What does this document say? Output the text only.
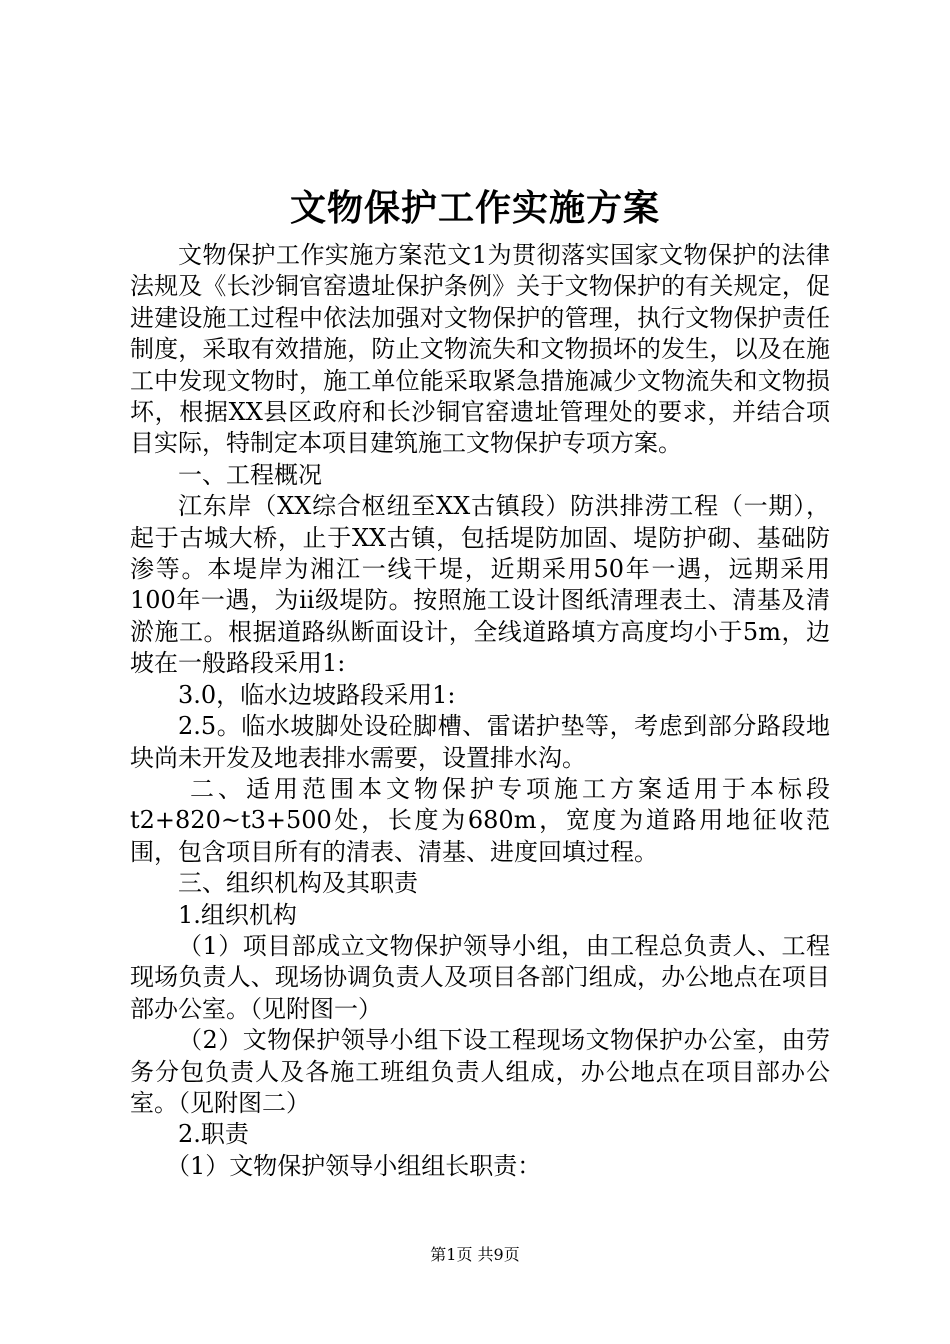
文物保护工作实施方案

文物保护工作实施方案范文1为贯彻落实国家文物保护的法律法规及《长沙铜官窑遗址保护条例》关于文物保护的有关规定，促进建设施工过程中依法加强对文物保护的管理，执行文物保护责任制度，采取有效措施，防止文物流失和文物损坏的发生，以及在施工中发现文物时，施工单位能采取紧急措施减少文物流失和文物损坏，根据XX县区政府和长沙铜官窑遗址管理处的要求，并结合项目实际，特制定本项目建筑施工文物保护专项方案。

一、工程概况

江东岸（XX综合枢纽至XX古镇段）防洪排涝工程（一期），起于古城大桥，止于XX古镇，包括堤防加固、堤防护砌、基础防渗等。本堤岸为湘江一线干堤，近期采用50年一遇，远期采用100年一遇，为ii级堤防。按照施工设计图纸清理表土、清基及清淤施工。根据道路纵断面设计，全线道路填方高度均小于5m，边坡在一般路段采用1:

3.0，临水边坡路段采用1:

2.5。临水坡脚处设砼脚槽、雷诺护垫等，考虑到部分路段地块尚未开发及地表排水需要，设置排水沟。

二、适用范围本文物保护专项施工方案适用于本标段t2+820~t3+500处，长度为680m，宽度为道路用地征收范围，包含项目所有的清表、清基、进度回填过程。

三、组织机构及其职责

1.组织机构

（1）项目部成立文物保护领导小组，由工程总负责人、工程现场负责人、现场协调负责人及项目各部门组成，办公地点在项目部办公室。（见附图一）

（2）文物保护领导小组下设工程现场文物保护办公室，由劳务分包负责人及各施工班组负责人组成，办公地点在项目部办公室。（见附图二）

2.职责

（1）文物保护领导小组组长职责：

第1页 共9页
